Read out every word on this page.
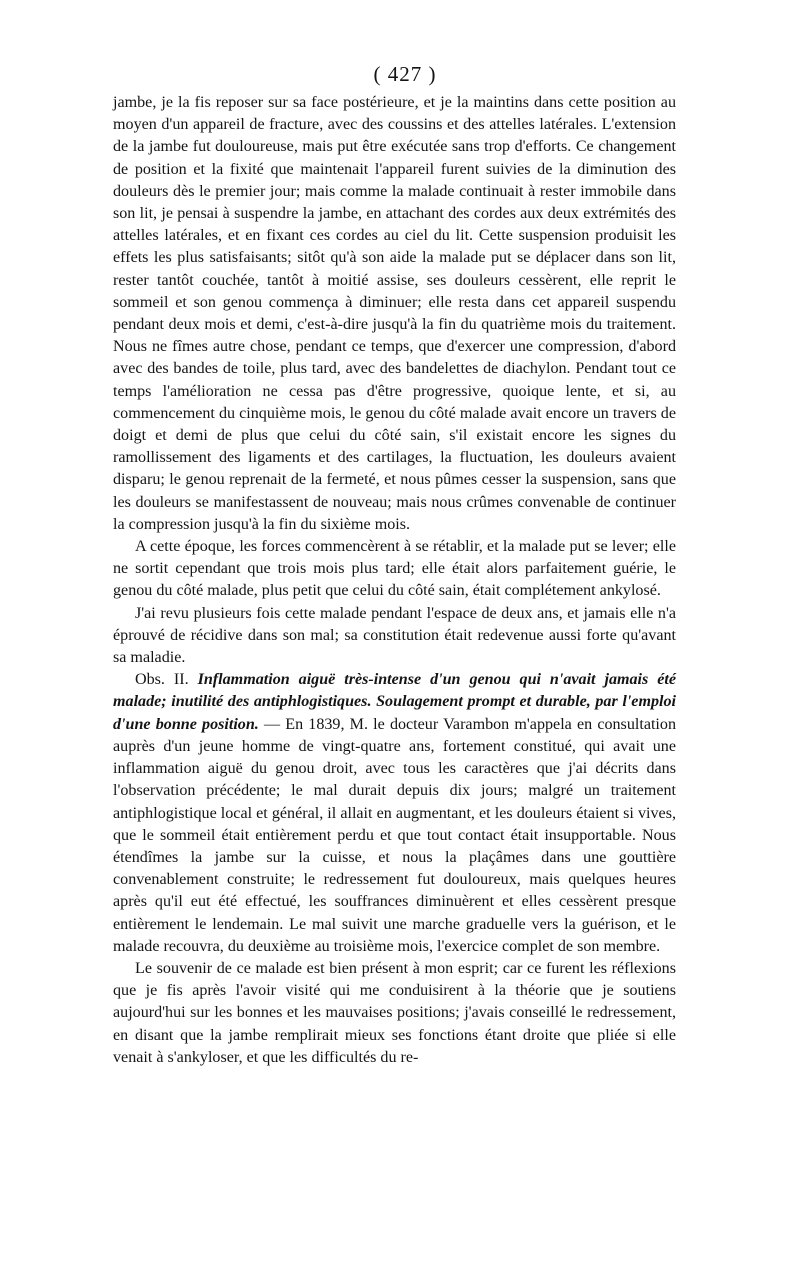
( 427 )

jambe, je la fis reposer sur sa face postérieure, et je la maintins dans cette position au moyen d'un appareil de fracture, avec des coussins et des attelles latérales. L'extension de la jambe fut douloureuse, mais put être exécutée sans trop d'efforts. Ce changement de position et la fixité que maintenait l'appareil furent suivies de la diminution des douleurs dès le premier jour; mais comme la malade continuait à rester immobile dans son lit, je pensai à suspendre la jambe, en attachant des cordes aux deux extrémités des attelles latérales, et en fixant ces cordes au ciel du lit. Cette suspension produisit les effets les plus satisfaisants; sitôt qu'à son aide la malade put se déplacer dans son lit, rester tantôt couchée, tantôt à moitié assise, ses douleurs cessèrent, elle reprit le sommeil et son genou commença à diminuer; elle resta dans cet appareil suspendu pendant deux mois et demi, c'est-à-dire jusqu'à la fin du quatrième mois du traitement. Nous ne fîmes autre chose, pendant ce temps, que d'exercer une compression, d'abord avec des bandes de toile, plus tard, avec des bandelettes de diachylon. Pendant tout ce temps l'amélioration ne cessa pas d'être progressive, quoique lente, et si, au commencement du cinquième mois, le genou du côté malade avait encore un travers de doigt et demi de plus que celui du côté sain, s'il existait encore les signes du ramollissement des ligaments et des cartilages, la fluctuation, les douleurs avaient disparu; le genou reprenait de la fermeté, et nous pûmes cesser la suspension, sans que les douleurs se manifestassent de nouveau; mais nous crûmes convenable de continuer la compression jusqu'à la fin du sixième mois.

A cette époque, les forces commencèrent à se rétablir, et la malade put se lever; elle ne sortit cependant que trois mois plus tard; elle était alors parfaitement guérie, le genou du côté malade, plus petit que celui du côté sain, était complétement ankylosé.

J'ai revu plusieurs fois cette malade pendant l'espace de deux ans, et jamais elle n'a éprouvé de récidive dans son mal; sa constitution était redevenue aussi forte qu'avant sa maladie.

Obs. II. Inflammation aiguë très-intense d'un genou qui n'avait jamais été malade; inutilité des antiphlogistiques. Soulagement prompt et durable, par l'emploi d'une bonne position. — En 1839, M. le docteur Varambon m'appela en consultation auprès d'un jeune homme de vingt-quatre ans, fortement constitué, qui avait une inflammation aiguë du genou droit, avec tous les caractères que j'ai décrits dans l'observation précédente; le mal durait depuis dix jours; malgré un traitement antiphlogistique local et général, il allait en augmentant, et les douleurs étaient si vives, que le sommeil était entièrement perdu et que tout contact était insupportable. Nous étendîmes la jambe sur la cuisse, et nous la plaçâmes dans une gouttière convenablement construite; le redressement fut douloureux, mais quelques heures après qu'il eut été effectué, les souffrances diminuèrent et elles cessèrent presque entièrement le lendemain. Le mal suivit une marche graduelle vers la guérison, et le malade recouvra, du deuxième au troisième mois, l'exercice complet de son membre.

Le souvenir de ce malade est bien présent à mon esprit; car ce furent les réflexions que je fis après l'avoir visité qui me conduisirent à la théorie que je soutiens aujourd'hui sur les bonnes et les mauvaises positions; j'avais conseillé le redressement, en disant que la jambe remplirait mieux ses fonctions étant droite que pliée si elle venait à s'ankyloser, et que les difficultés du re-
